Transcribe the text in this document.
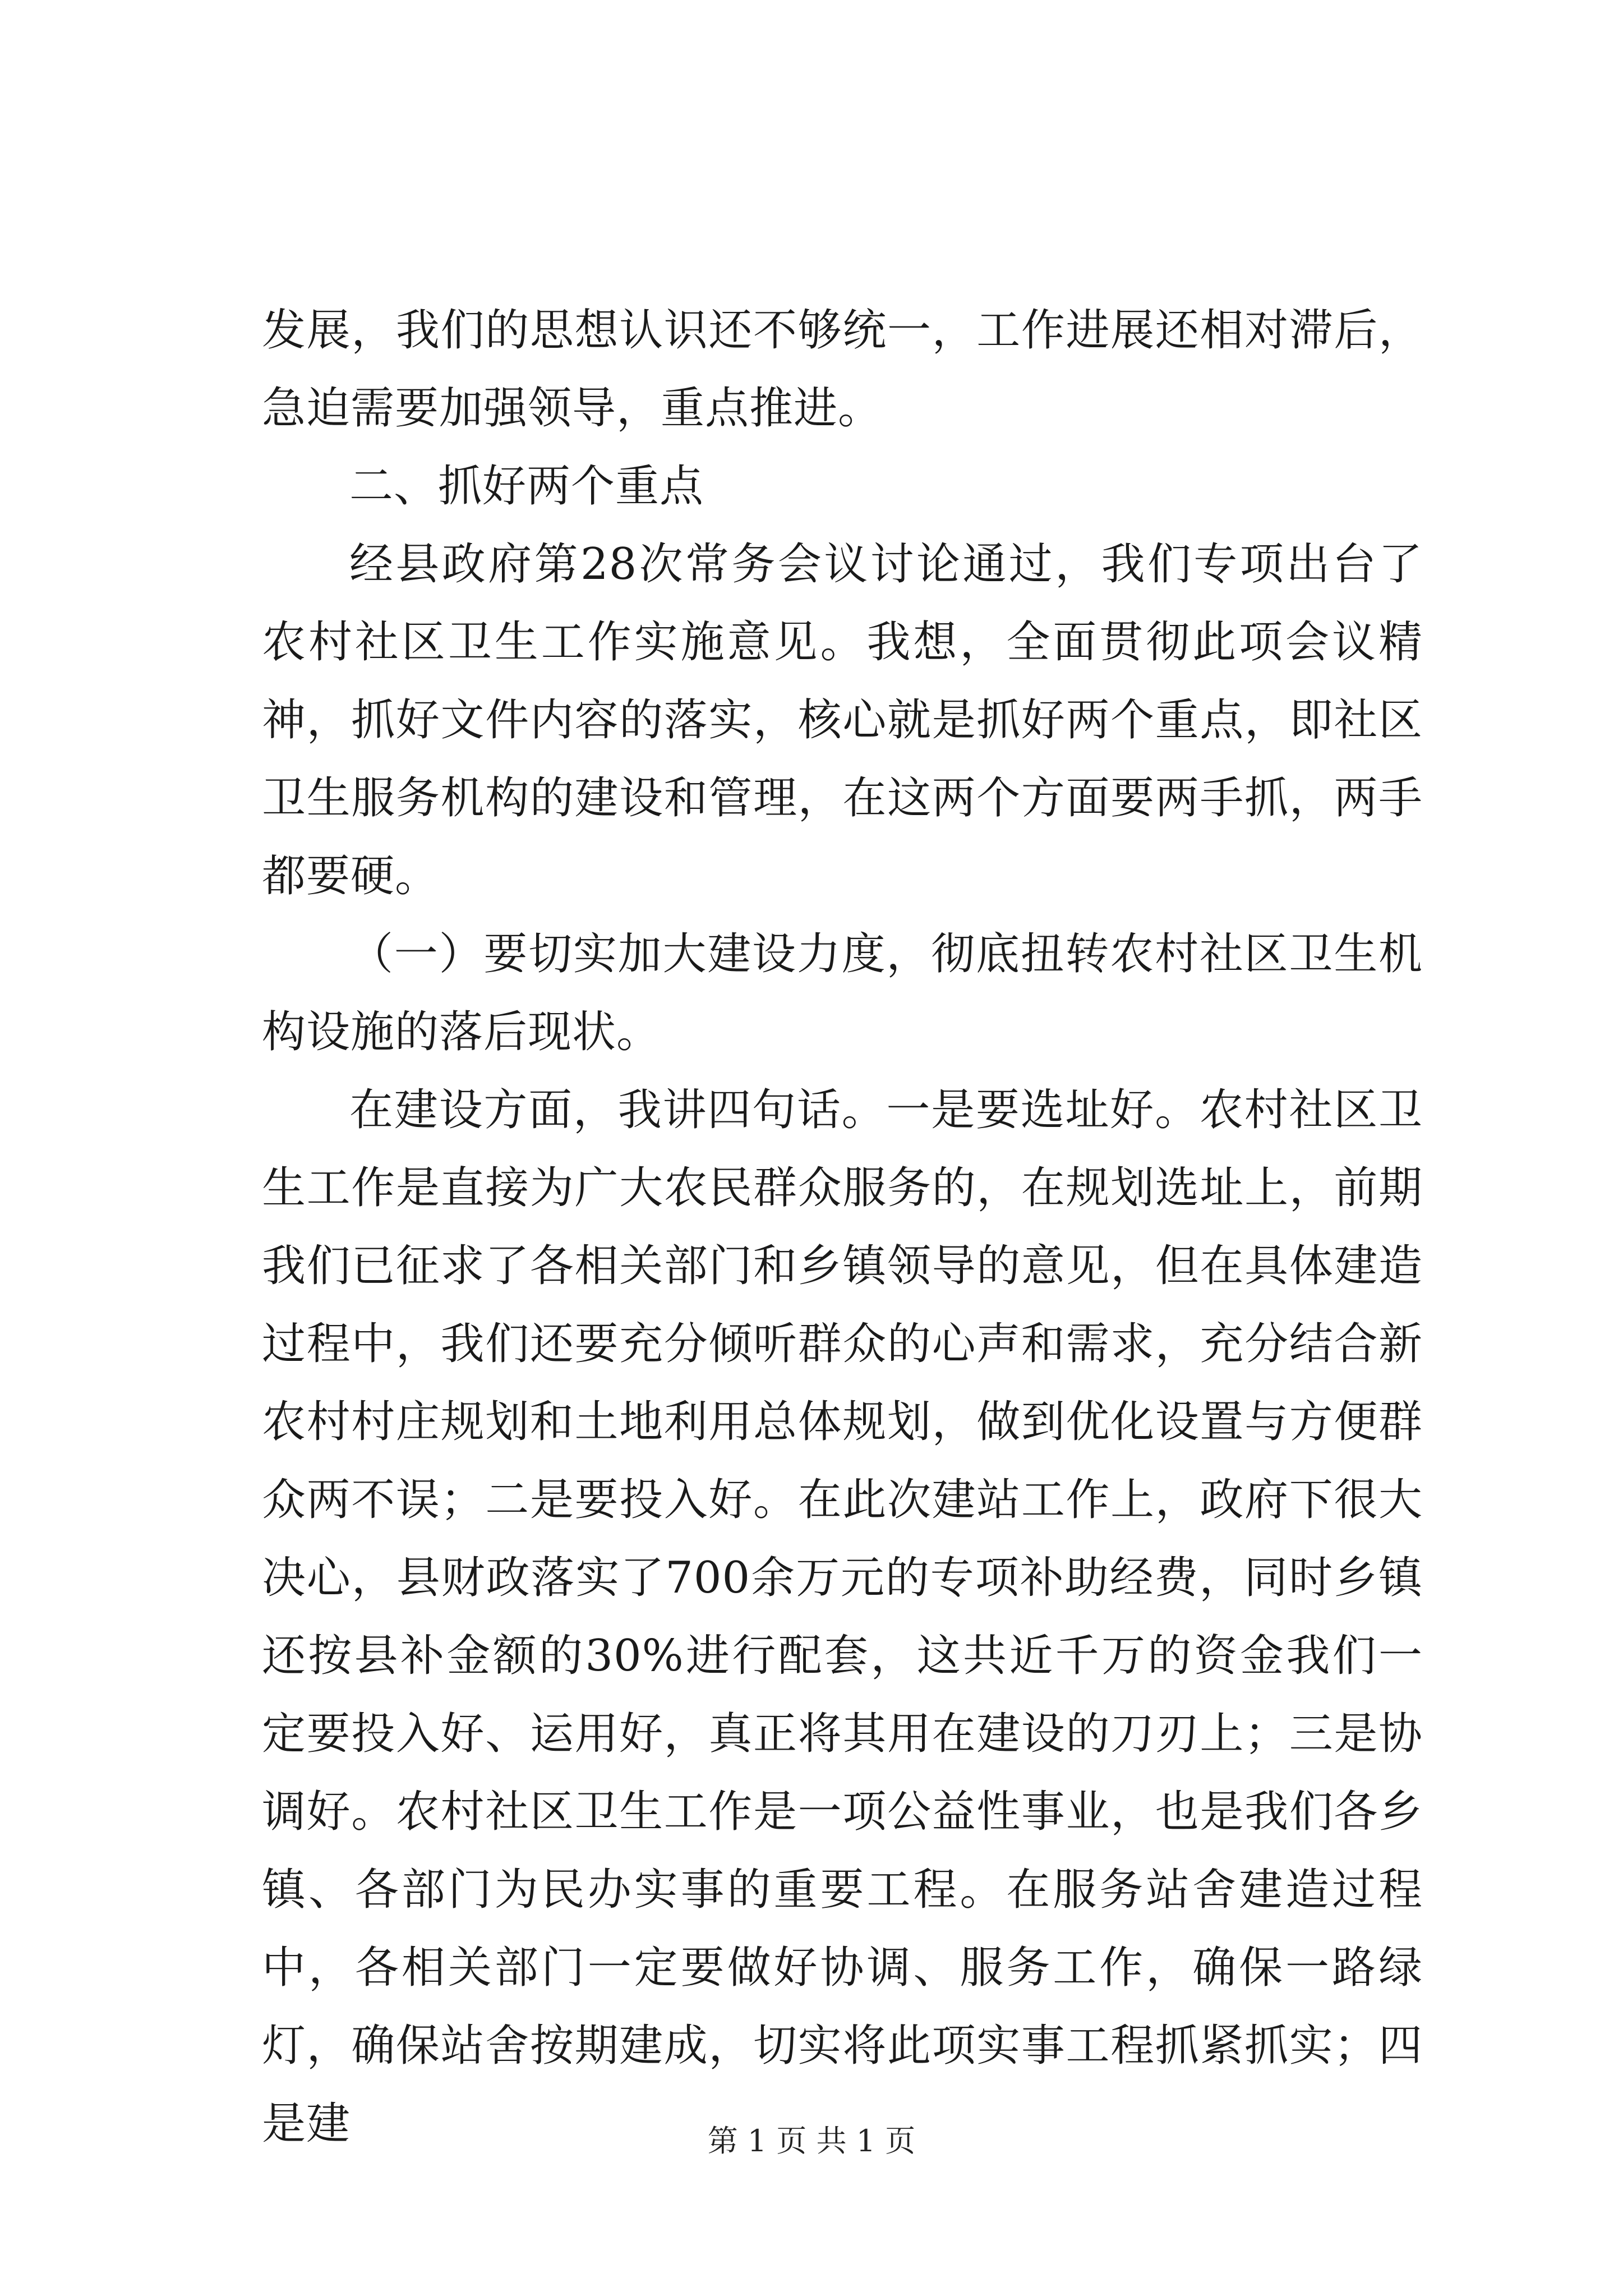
发展，我们的思想认识还不够统一，工作进展还相对滞后，急迫需要加强领导，重点推进。

二、抓好两个重点

经县政府第28次常务会议讨论通过，我们专项出台了农村社区卫生工作实施意见。我想，全面贯彻此项会议精神，抓好文件内容的落实，核心就是抓好两个重点，即社区卫生服务机构的建设和管理，在这两个方面要两手抓，两手都要硬。

（一）要切实加大建设力度，彻底扭转农村社区卫生机构设施的落后现状。

在建设方面，我讲四句话。一是要选址好。农村社区卫生工作是直接为广大农民群众服务的，在规划选址上，前期我们已征求了各相关部门和乡镇领导的意见，但在具体建造过程中，我们还要充分倾听群众的心声和需求，充分结合新农村村庄规划和土地利用总体规划，做到优化设置与方便群众两不误；二是要投入好。在此次建站工作上，政府下很大决心，县财政落实了700余万元的专项补助经费，同时乡镇还按县补金额的30%进行配套，这共近千万的资金我们一定要投入好、运用好，真正将其用在建设的刀刃上；三是协调好。农村社区卫生工作是一项公益性事业，也是我们各乡镇、各部门为民办实事的重要工程。在服务站舍建造过程中，各相关部门一定要做好协调、服务工作，确保一路绿灯，确保站舍按期建成，切实将此项实事工程抓紧抓实；四是建	第 1 页 共 1 页
